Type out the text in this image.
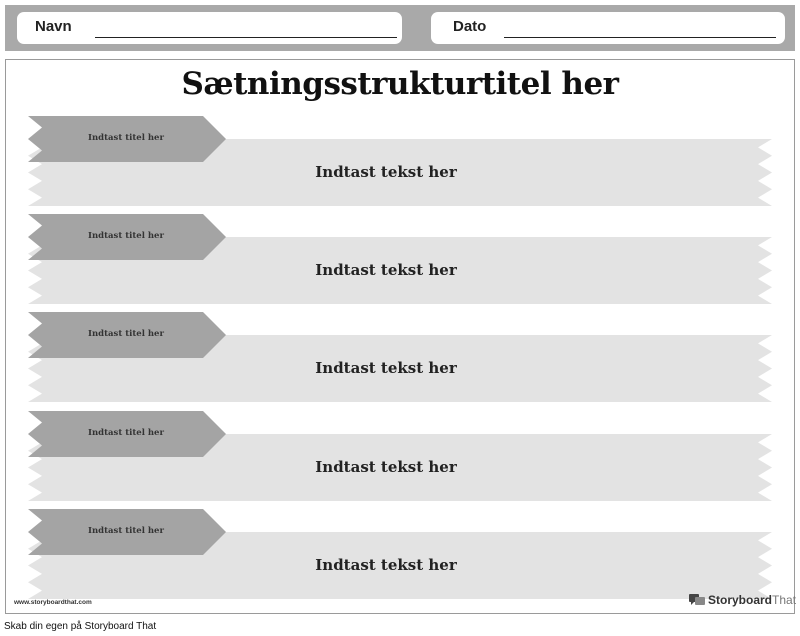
Navn	Dato
Sætningsstrukturtitel her
Indtast titel her
Indtast tekst her
Indtast titel her
Indtast tekst her
Indtast titel her
Indtast tekst her
Indtast titel her
Indtast tekst her
Indtast titel her
Indtast tekst her
www.storyboardthat.com	Storyboard That
Skab din egen på Storyboard That
